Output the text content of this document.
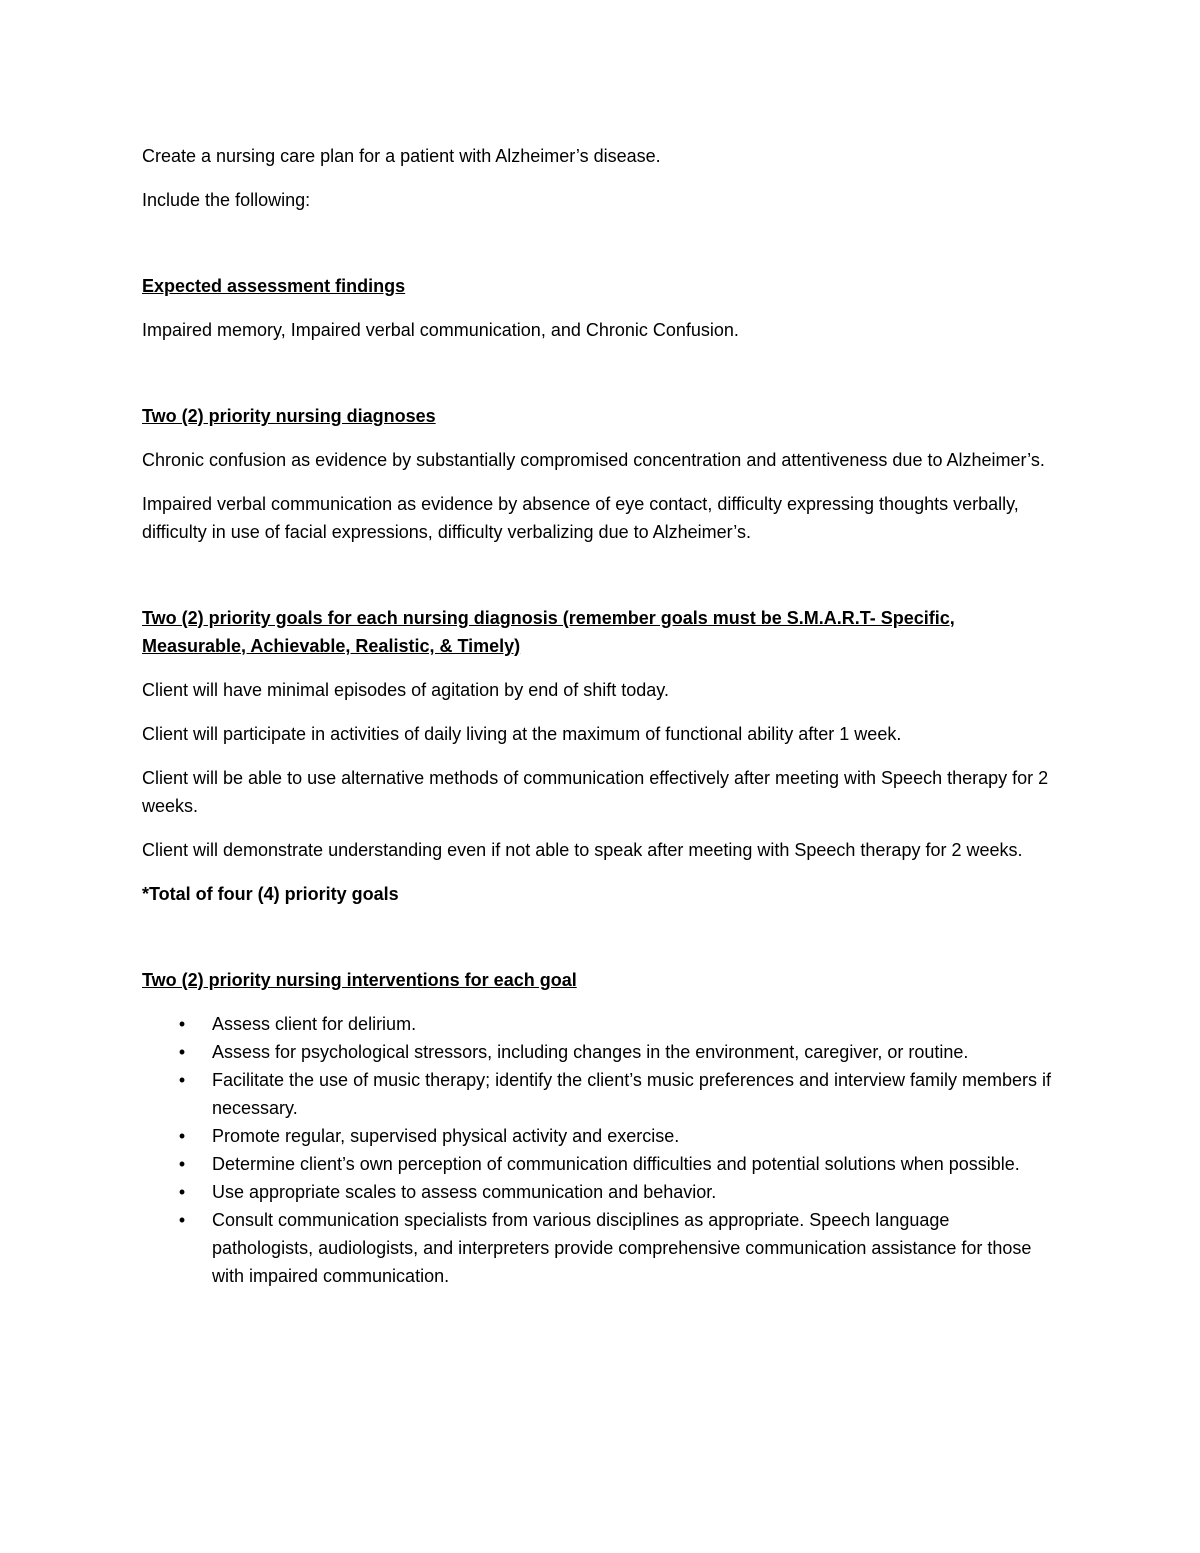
Create a nursing care plan for a patient with Alzheimer’s disease.

Include the following:

Expected assessment findings

Impaired memory, Impaired verbal communication, and Chronic Confusion.

Two (2) priority nursing diagnoses

Chronic confusion as evidence by substantially compromised concentration and attentiveness due to Alzheimer’s.

Impaired verbal communication as evidence by absence of eye contact, difficulty expressing thoughts verbally, difficulty in use of facial expressions, difficulty verbalizing due to Alzheimer’s.

Two (2) priority goals for each nursing diagnosis (remember goals must be S.M.A.R.T- Specific, Measurable, Achievable, Realistic, & Timely)

Client will have minimal episodes of agitation by end of shift today.

Client will participate in activities of daily living at the maximum of functional ability after 1 week.

Client will be able to use alternative methods of communication effectively after meeting with Speech therapy for 2 weeks.

Client will demonstrate understanding even if not able to speak after meeting with Speech therapy for 2 weeks.

*Total of four (4) priority goals

Two (2) priority nursing interventions for each goal

• Assess client for delirium.
• Assess for psychological stressors, including changes in the environment, caregiver, or routine.
• Facilitate the use of music therapy; identify the client’s music preferences and interview family members if necessary.
• Promote regular, supervised physical activity and exercise.
• Determine client’s own perception of communication difficulties and potential solutions when possible.
• Use appropriate scales to assess communication and behavior.
• Consult communication specialists from various disciplines as appropriate. Speech language pathologists, audiologists, and interpreters provide comprehensive communication assistance for those with impaired communication.
